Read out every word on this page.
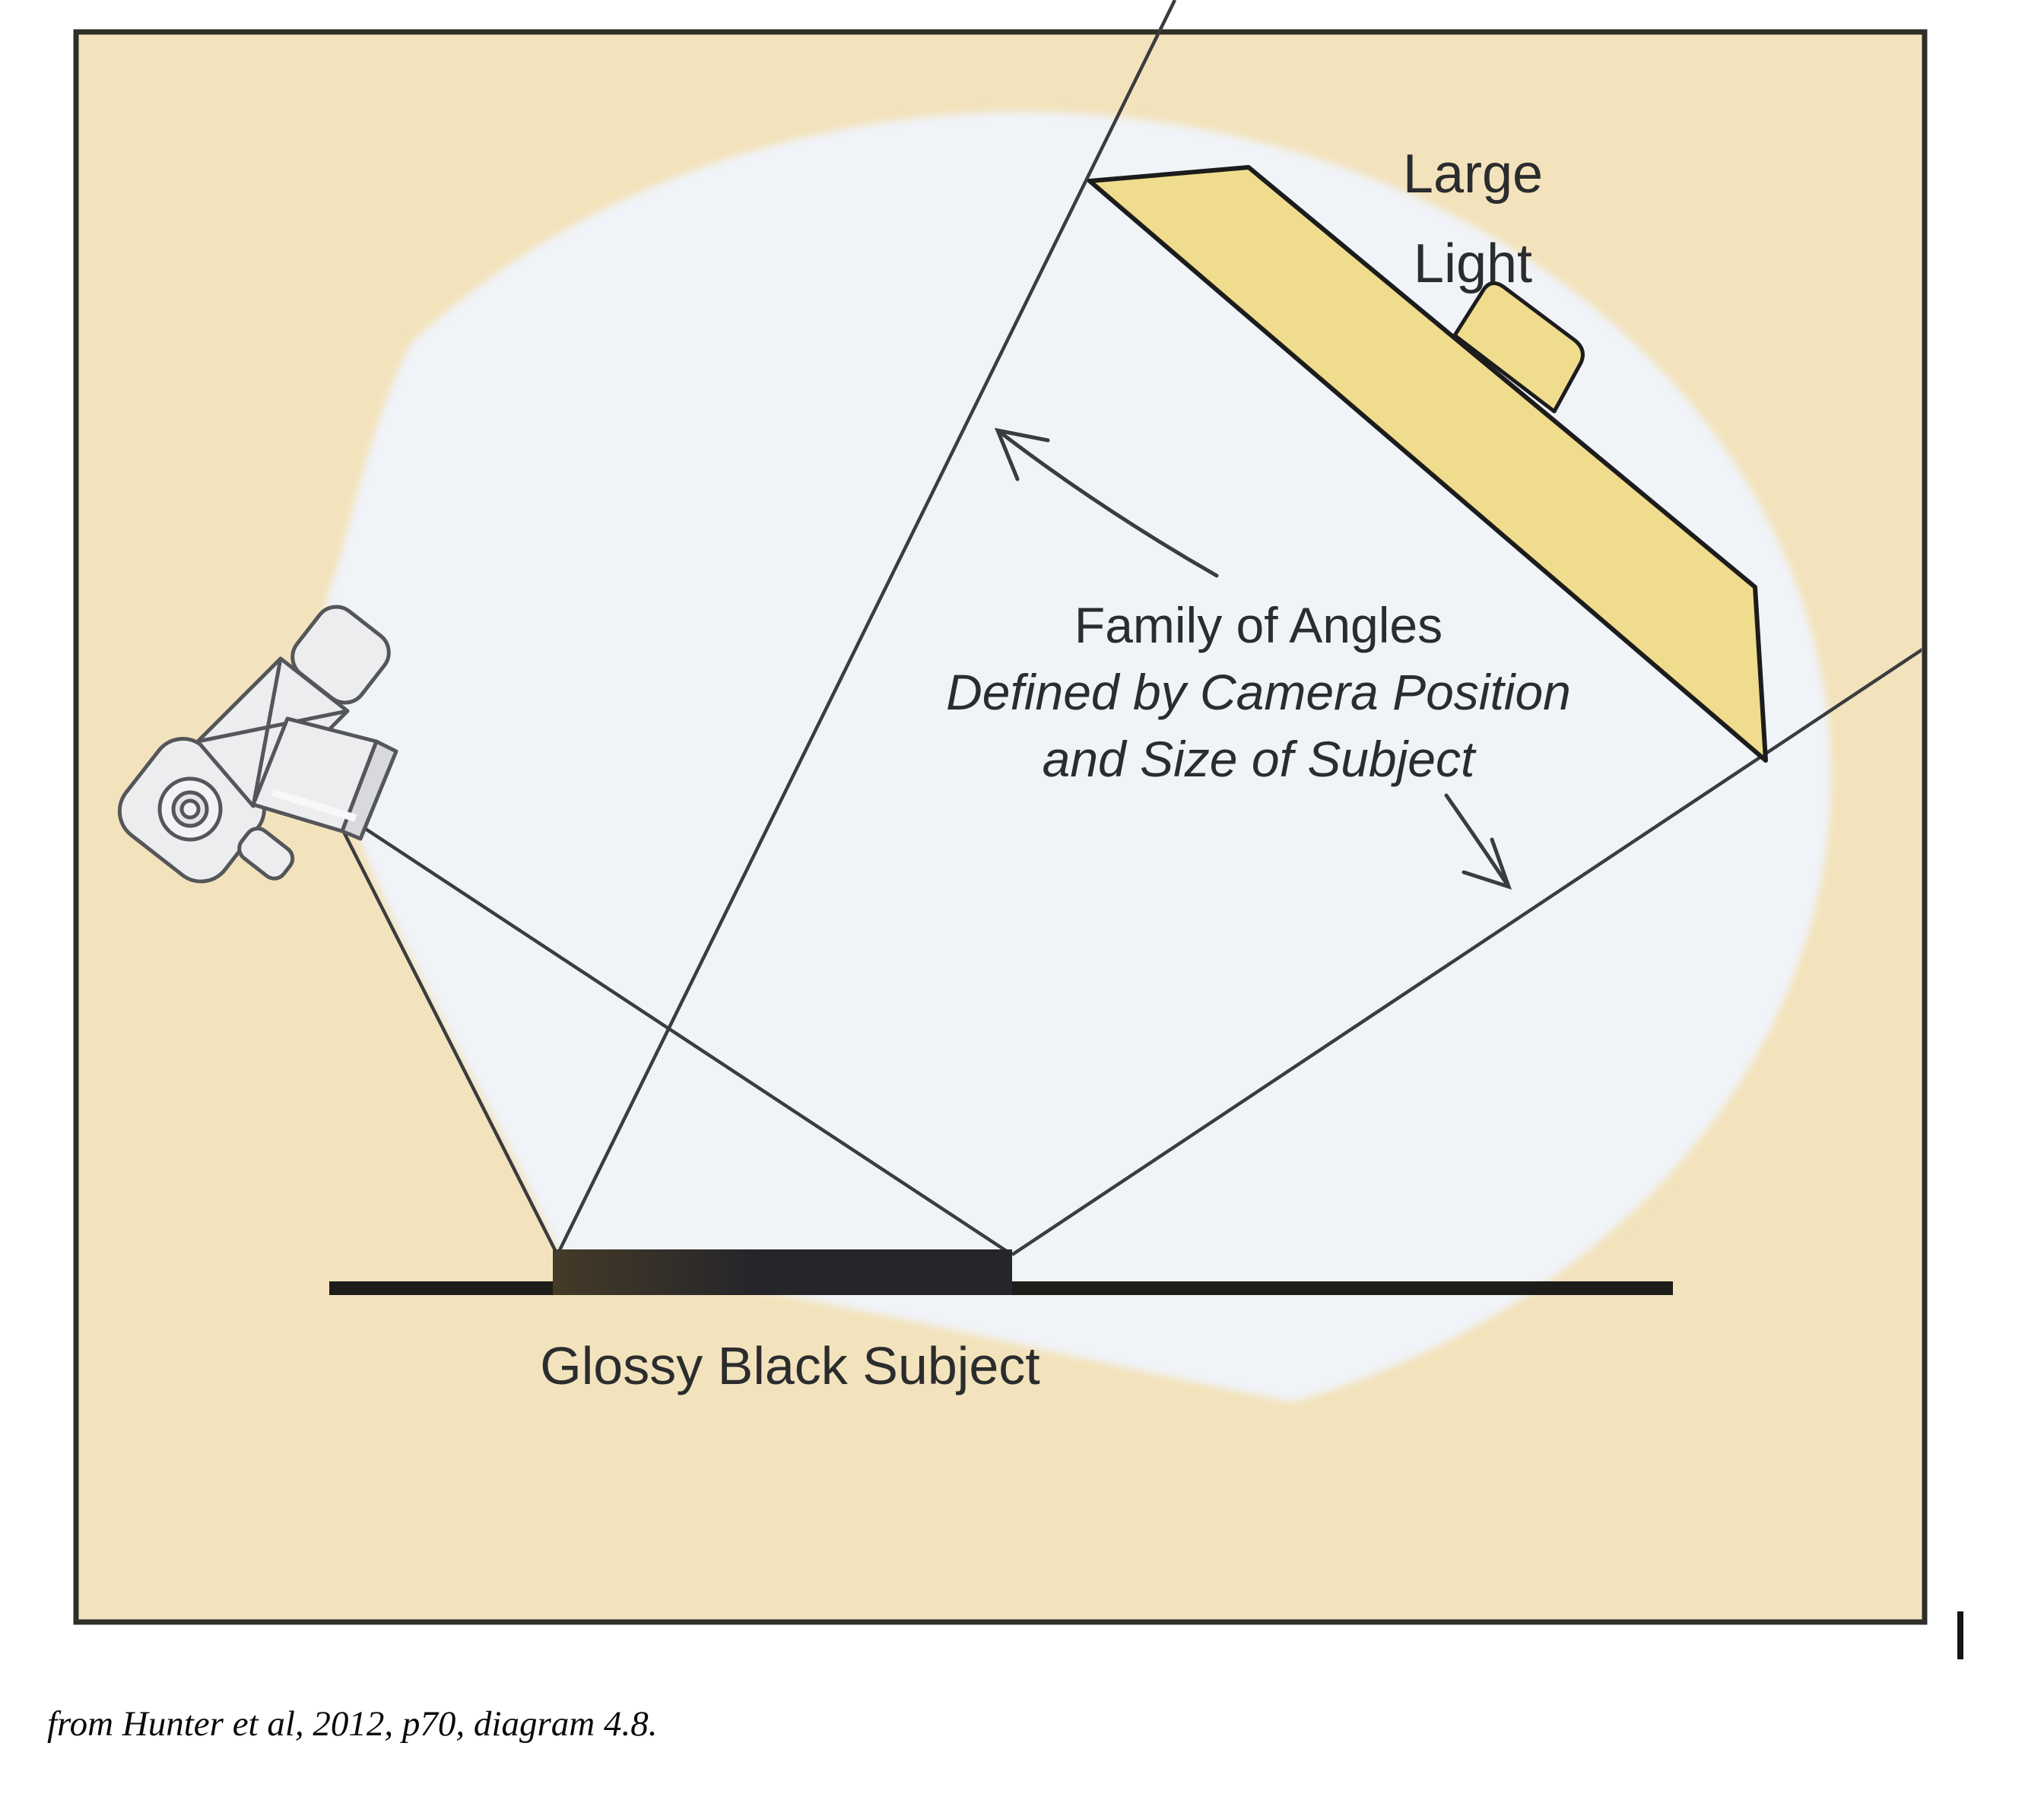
Large
Light
Family of Angles
Defined by Camera Position
and Size of Subject
Glossy Black Subject
from Hunter et al, 2012, p70, diagram 4.8.
